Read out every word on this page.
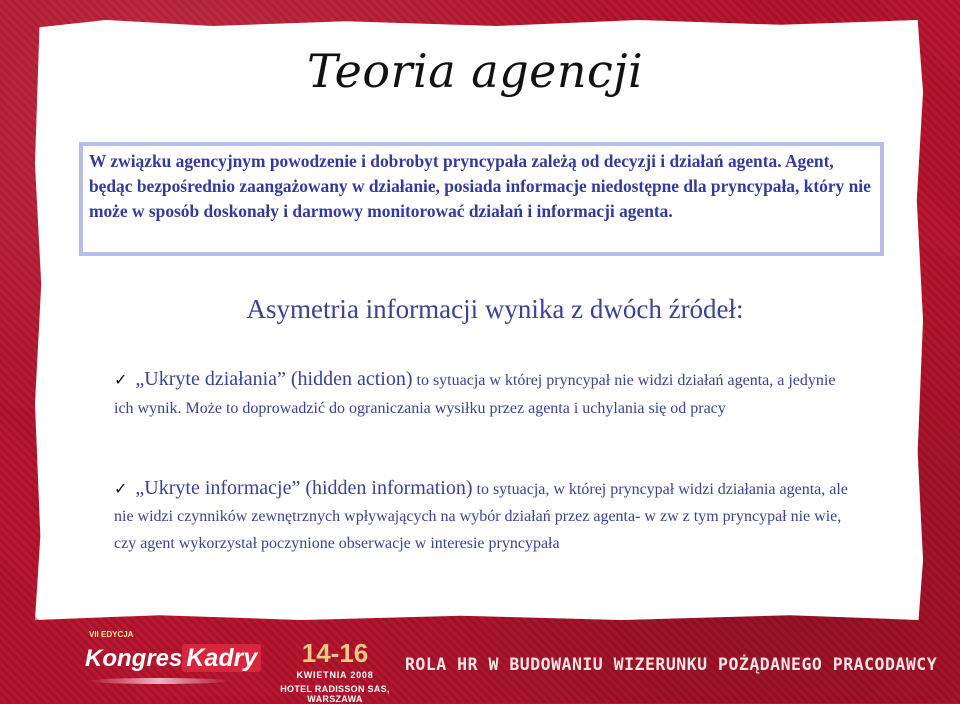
Teoria agencji
W związku agencyjnym powodzenie i dobrobyt pryncypała zależą od decyzji i działań agenta. Agent, będąc bezpośrednio zaangażowany w działanie, posiada informacje niedostępne dla pryncypała, który nie może w sposób doskonały i darmowy monitorować działań i informacji agenta.
Asymetria informacji wynika z dwóch źródeł:
✓ „Ukryte działania” (hidden action) to sytuacja w której pryncypał nie widzi działań agenta, a jedynie ich wynik. Może to doprowadzić do ograniczania wysiłku przez agenta i uchylania się od pracy
✓ „Ukryte informacje” (hidden information) to sytuacja, w której pryncypał widzi działania agenta, ale nie widzi czynników zewnętrznych wpływających na wybór działań przez agenta- w zw z tym pryncypał nie wie, czy agent wykorzystał poczynione obserwacje w interesie pryncypała
VII EDYCJA
Kongres Kadry	14-16
KWIETNIA 2008
HOTEL RADISSON SAS, WARSZAWA
ROLA HR W BUDOWANIU WIZERUNKU POŻĄDANEGO PRACODAWCY
